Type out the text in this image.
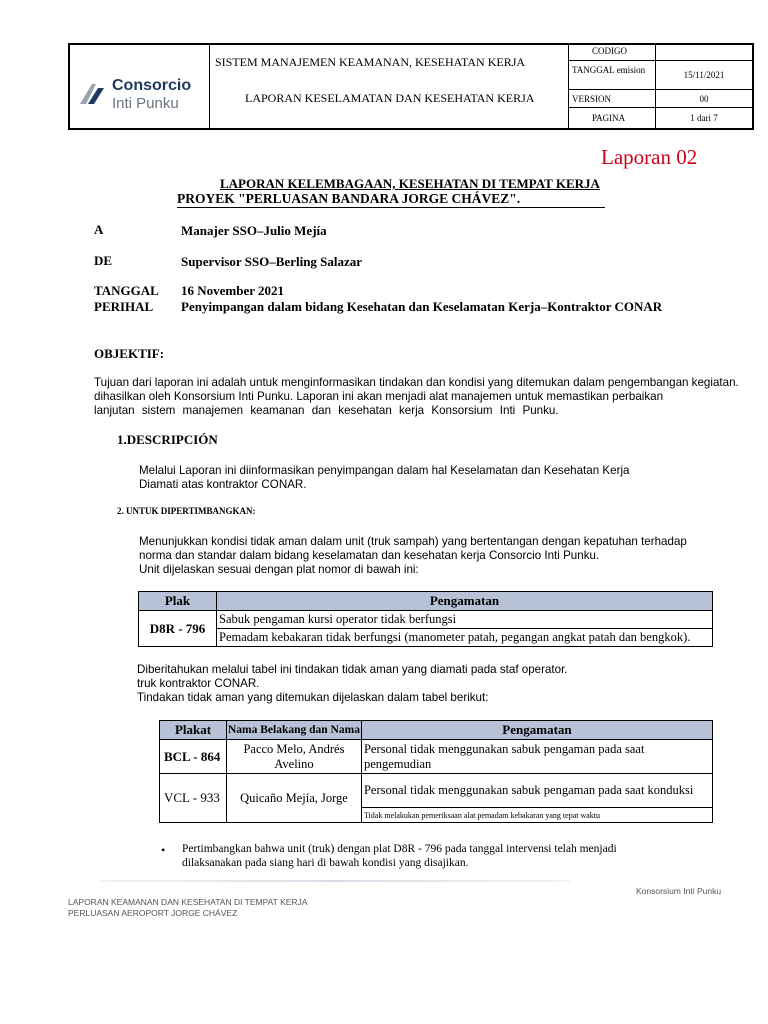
Consorcio
Inti Punku
SISTEM MANAJEMEN KEAMANAN, KESEHATAN KERJA
LAPORAN KESELAMATAN DAN KESEHATAN KERJA
CODIGO
TANGGAL emision	15/11/2021
VERSION	00
PAGINA	1 dari 7
Laporan 02
LAPORAN KELEMBAGAAN, KESEHATAN DI TEMPAT KERJA
PROYEK "PERLUASAN BANDARA JORGE CHÁVEZ".
A	Manajer SSO–Julio Mejía
DE	Supervisor SSO–Berling Salazar
TANGGAL 16 November 2021
PERIHAL Penyimpangan dalam bidang Kesehatan dan Keselamatan Kerja–Kontraktor CONAR
OBJEKTIF:
Tujuan dari laporan ini adalah untuk menginformasikan tindakan dan kondisi yang ditemukan dalam pengembangan kegiatan.
dihasilkan oleh Konsorsium Inti Punku. Laporan ini akan menjadi alat manajemen untuk memastikan perbaikan
lanjutan sistem manajemen keamanan dan kesehatan kerja Konsorsium Inti Punku.
1.DESCRIPCIÓN
Melalui Laporan ini diinformasikan penyimpangan dalam hal Keselamatan dan Kesehatan Kerja
Diamati atas kontraktor CONAR.
2. UNTUK DIPERTIMBANGKAN:
Menunjukkan kondisi tidak aman dalam unit (truk sampah) yang bertentangan dengan kepatuhan terhadap
norma dan standar dalam bidang keselamatan dan kesehatan kerja Consorcio Inti Punku.
Unit dijelaskan sesuai dengan plat nomor di bawah ini:
Plak	Pengamatan
D8R - 796	Sabuk pengaman kursi operator tidak berfungsi
	Pemadam kebakaran tidak berfungsi (manometer patah, pegangan angkat patah dan bengkok).
Diberitahukan melalui tabel ini tindakan tidak aman yang diamati pada staf operator.
truk kontraktor CONAR.
Tindakan tidak aman yang ditemukan dijelaskan dalam tabel berikut:
Plakat	Nama Belakang dan Nama	Pengamatan
BCL - 864	Pacco Melo, Andrés Avelino	Personal tidak menggunakan sabuk pengaman pada saat pengemudian
VCL - 933	Quicaño Mejía, Jorge	Personal tidak menggunakan sabuk pengaman pada saat konduksi
		Tidak melakukan pemeriksaan alat pemadam kebakaran yang tepat waktu
• Pertimbangkan bahwa unit (truk) dengan plat D8R - 796 pada tanggal intervensi telah menjadi
dilaksanakan pada siang hari di bawah kondisi yang disajikan.
Konsorsium Inti Punku
LAPORAN KEAMANAN DAN KESEHATAN DI TEMPAT KERJA
PERLUASAN AEROPORT JORGE CHÁVEZ
